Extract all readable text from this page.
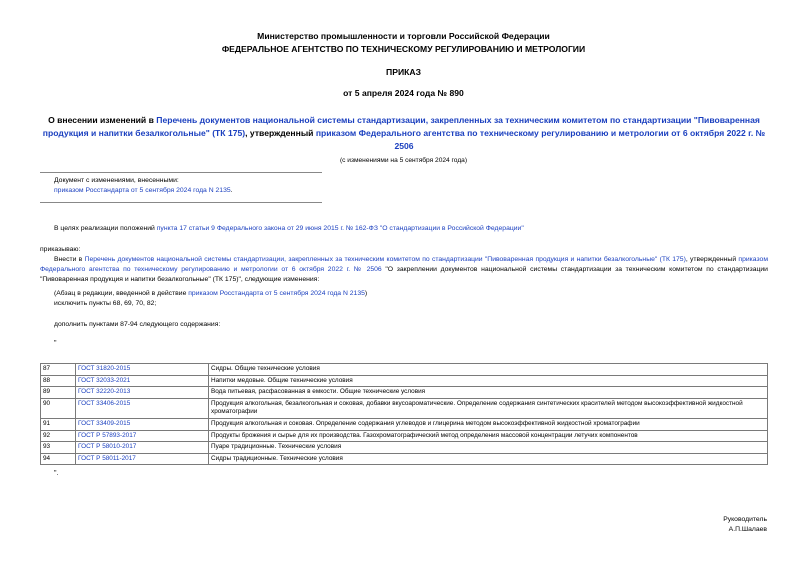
Министерство промышленности и торговли Российской Федерации
ФЕДЕРАЛЬНОЕ АГЕНТСТВО ПО ТЕХНИЧЕСКОМУ РЕГУЛИРОВАНИЮ И МЕТРОЛОГИИ
ПРИКАЗ
от 5 апреля 2024 года № 890
О внесении изменений в Перечень документов национальной системы стандартизации, закрепленных за техническим комитетом по стандартизации "Пивоваренная продукция и напитки безалкогольные" (ТК 175), утвержденный приказом Федерального агентства по техническому регулированию и метрологии от 6 октября 2022 г. № 2506
(с изменениями на 5 сентября 2024 года)
Документ с изменениями, внесенными:
приказом Росстандарта от 5 сентября 2024 года N 2135.
В целях реализации положений пункта 17 статьи 9 Федерального закона от 29 июня 2015 г. № 162-ФЗ "О стандартизации в Российской Федерации"
приказываю:
Внести в Перечень документов национальной системы стандартизации, закрепленных за техническим комитетом по стандартизации "Пивоваренная продукция и напитки безалкогольные" (ТК 175), утвержденный приказом Федерального агентства по техническому регулированию и метрологии от 6 октября 2022 г. № 2506 "О закреплении документов национальной системы стандартизации за техническим комитетом по стандартизации "Пивоваренная продукция и напитки безалкогольные" (ТК 175)", следующие изменения:
(Абзац в редакции, введенной в действие приказом Росстандарта от 5 сентября 2024 года N 2135)
исключить пункты 68, 69, 70, 82;
дополнить пунктами 87-94 следующего содержания:
"
87	ГОСТ 31820-2015	Сидры. Общие технические условия
88	ГОСТ 32033-2021	Напитки медовые. Общие технические условия
89	ГОСТ 32220-2013	Вода питьевая, расфасованная в емкости. Общие технические условия
90	ГОСТ 33406-2015	Продукция алкогольная, безалкогольная и соковая, добавки вкусоароматические. Определение содержания синтетических красителей методом высокоэффективной жидкостной хроматографии
91	ГОСТ 33409-2015	Продукция алкогольная и соковая. Определение содержания углеводов и глицерина методом высокоэффективной жидкостной хроматографии
92	ГОСТ Р 57893-2017	Продукты брожения и сырье для их производства. Газохроматографический метод определения массовой концентрации летучих компонентов
93	ГОСТ Р 58010-2017	Пуаре традиционные. Технические условия
94	ГОСТ Р 58011-2017	Сидры традиционные. Технические условия
".
Руководитель
А.П.Шалаев
